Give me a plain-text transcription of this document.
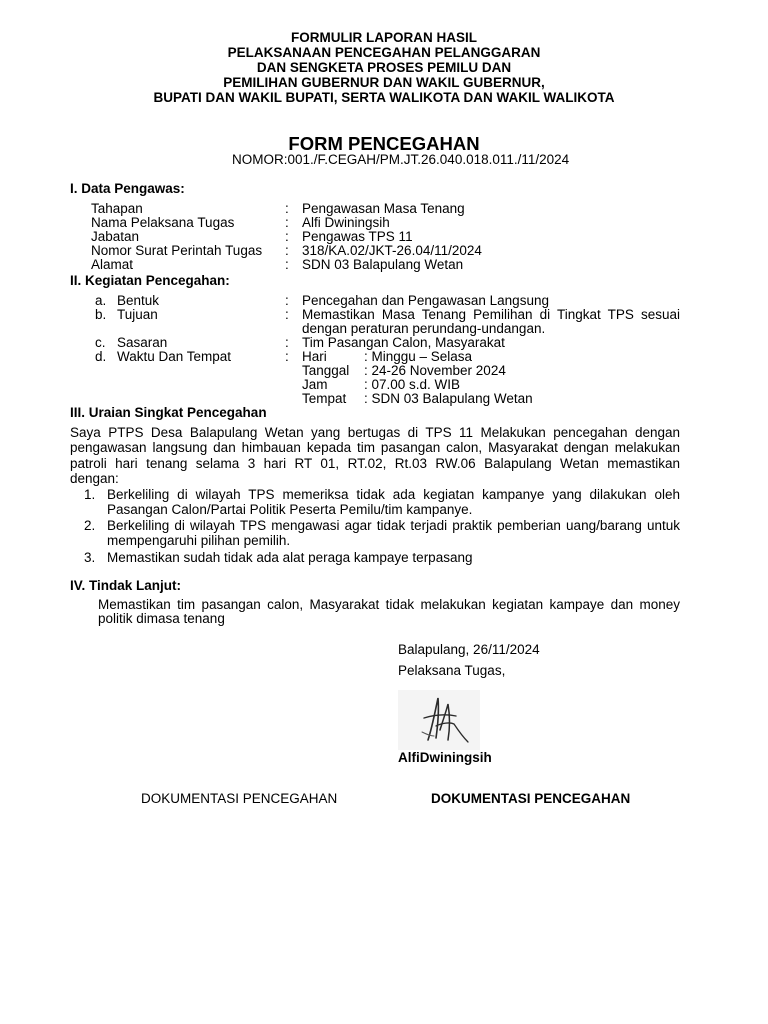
FORMULIR LAPORAN HASIL
PELAKSANAAN PENCEGAHAN PELANGGARAN
DAN SENGKETA PROSES PEMILU DAN
PEMILIHAN GUBERNUR DAN WAKIL GUBERNUR,
BUPATI DAN WAKIL BUPATI, SERTA WALIKOTA DAN WAKIL WALIKOTA
FORM PENCEGAHAN
NOMOR:001./F.CEGAH/PM.JT.26.040.018.011./11/2024
I. Data Pengawas:
Tahapan	: Pengawasan Masa Tenang
Nama Pelaksana Tugas	: Alfi Dwiningsih
Jabatan	: Pengawas TPS 11
Nomor Surat Perintah Tugas : 318/KA.02/JKT-26.04/11/2024
Alamat	: SDN 03 Balapulang Wetan
II. Kegiatan Pencegahan:
a. Bentuk	: Pencegahan dan Pengawasan Langsung
b. Tujuan	: Memastikan Masa Tenang Pemilihan di Tingkat TPS sesuai
dengan peraturan perundang-undangan.
c. Sasaran	: Tim Pasangan Calon, Masyarakat
d. Waktu Dan Tempat	: Hari	: Minggu – Selasa
Tanggal : 24-26 November 2024
Jam	: 07.00 s.d. WIB
Tempat : SDN 03 Balapulang Wetan
III. Uraian Singkat Pencegahan
Saya PTPS Desa Balapulang Wetan yang bertugas di TPS 11 Melakukan pencegahan dengan
pengawasan langsung dan himbauan kepada tim pasangan calon, Masyarakat dengan melakukan
patroli hari tenang selama 3 hari RT 01, RT.02, Rt.03 RW.06 Balapulang Wetan memastikan
dengan:
1. Berkeliling di wilayah TPS memeriksa tidak ada kegiatan kampanye yang dilakukan oleh
Pasangan Calon/Partai Politik Peserta Pemilu/tim kampanye.
2. Berkeliling di wilayah TPS mengawasi agar tidak terjadi praktik pemberian uang/barang untuk
mempengaruhi pilihan pemilih.
3. Memastikan sudah tidak ada alat peraga kampaye terpasang
IV. Tindak Lanjut:
Memastikan tim pasangan calon, Masyarakat tidak melakukan kegiatan kampaye dan money
politik dimasa tenang
Balapulang, 26/11/2024
Pelaksana Tugas,
AlfiDwiningsih
DOKUMENTASI PENCEGAHAN	DOKUMENTASI PENCEGAHAN
